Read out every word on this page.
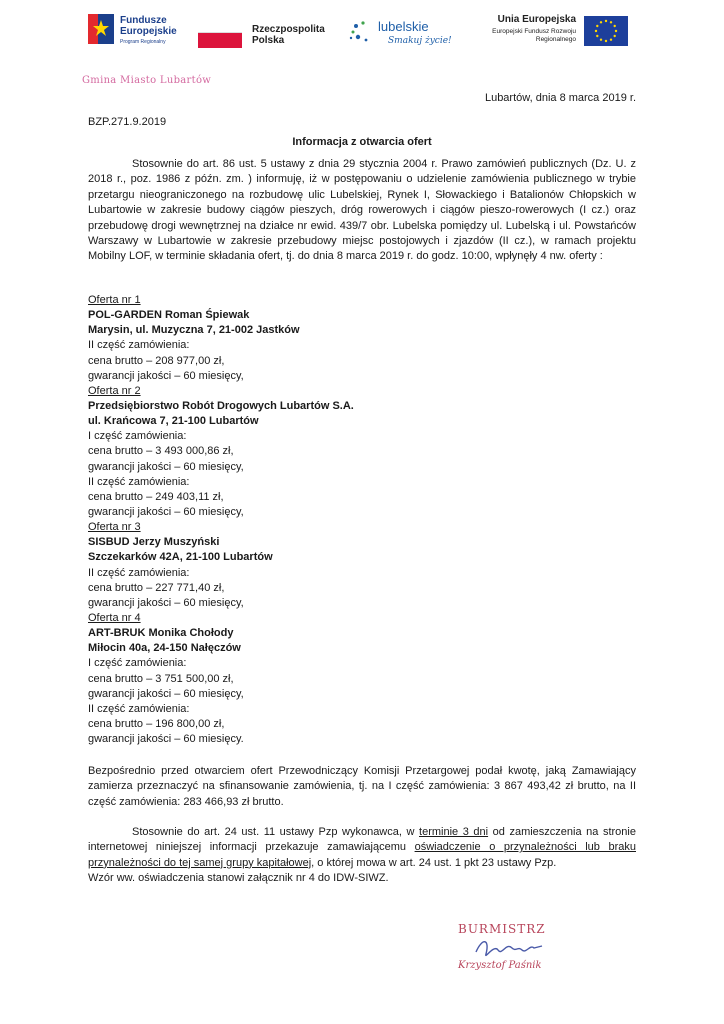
Fundusze Europejskie
Program Regionalny
Rzeczpospolita Polska
lubelskie
Smakuj życie!
Unia Europejska
Europejski Fundusz Rozwoju Regionalnego
Gmina Miasto Lubartów
Lubartów, dnia 8 marca 2019 r.
BZP.271.9.2019
Informacja z otwarcia ofert
Stosownie do art. 86 ust. 5 ustawy z dnia 29 stycznia 2004 r. Prawo zamówień publicznych (Dz. U. z 2018 r., poz. 1986 z późn. zm. ) informuję, iż w postępowaniu o udzielenie zamówienia publicznego w trybie przetargu nieograniczonego na rozbudowę ulic Lubelskiej, Rynek I, Słowackiego i Batalionów Chłopskich w Lubartowie w zakresie budowy ciągów pieszych, dróg rowerowych i ciągów pieszo-rowerowych (I cz.) oraz przebudowę drogi wewnętrznej na działce nr ewid. 439/7 obr. Lubelska pomiędzy ul. Lubelską i ul. Powstańców Warszawy w Lubartowie w zakresie przebudowy miejsc postojowych i zjazdów (II cz.), w ramach projektu Mobilny LOF, w terminie składania ofert, tj. do dnia 8 marca 2019 r. do godz. 10:00, wpłynęły 4 nw. oferty :
Oferta nr 1
POL-GARDEN Roman Śpiewak
Marysin, ul. Muzyczna 7, 21-002 Jastków
II część zamówienia:
cena brutto – 208 977,00 zł,
gwarancji jakości – 60 miesięcy,
Oferta nr 2
Przedsiębiorstwo Robót Drogowych Lubartów S.A.
ul. Krańcowa 7, 21-100 Lubartów
I część zamówienia:
cena brutto – 3 493 000,86 zł,
gwarancji jakości – 60 miesięcy,
II część zamówienia:
cena brutto – 249 403,11 zł,
gwarancji jakości – 60 miesięcy,
Oferta nr 3
SISBUD Jerzy Muszyński
Szczekarków 42A, 21-100 Lubartów
II część zamówienia:
cena brutto – 227 771,40 zł,
gwarancji jakości – 60 miesięcy,
Oferta nr 4
ART-BRUK Monika Chołody
Miłocin 40a, 24-150 Nałęczów
I część zamówienia:
cena brutto – 3 751 500,00 zł,
gwarancji jakości – 60 miesięcy,
II część zamówienia:
cena brutto – 196 800,00 zł,
gwarancji jakości – 60 miesięcy.
Bezpośrednio przed otwarciem ofert Przewodniczący Komisji Przetargowej podał kwotę, jaką Zamawiający zamierza przeznaczyć na sfinansowanie zamówienia, tj. na I część zamówienia: 3 867 493,42 zł brutto, na II część zamówienia: 283 466,93 zł brutto.
Stosownie do art. 24 ust. 11 ustawy Pzp wykonawca, w terminie 3 dni od zamieszczenia na stronie internetowej niniejszej informacji przekazuje zamawiającemu oświadczenie o przynależności lub braku przynależności do tej samej grupy kapitałowej, o której mowa w art. 24 ust. 1 pkt 23 ustawy Pzp.
Wzór ww. oświadczenia stanowi załącznik nr 4 do IDW-SIWZ.
BURMISTRZ
Krzysztof Paśnik
